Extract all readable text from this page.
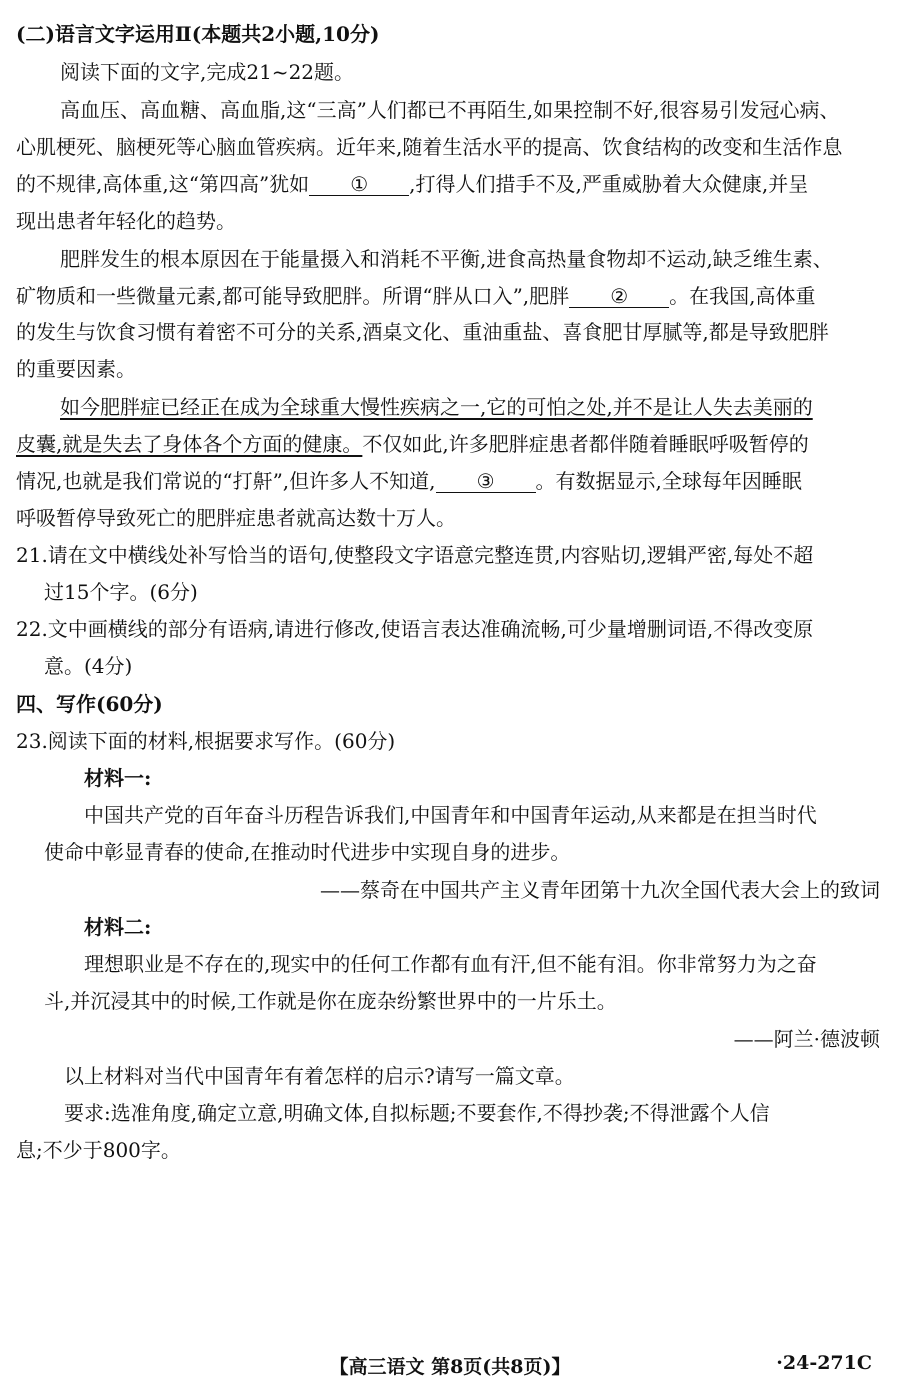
(二)语言文字运用Ⅱ(本题共2小题,10分)
阅读下面的文字,完成21~22题。
高血压、高血糖、高血脂,这“三高”人们都已不再陌生,如果控制不好,很容易引发冠心病、
心肌梗死、脑梗死等心脑血管疾病。近年来,随着生活水平的提高、饮食结构的改变和生活作息
的不规律,高体重,这“第四高”犹如 ① ,打得人们措手不及,严重威胁着大众健康,并呈
现出患者年轻化的趋势。
肥胖发生的根本原因在于能量摄入和消耗不平衡,进食高热量食物却不运动,缺乏维生素、
矿物质和一些微量元素,都可能导致肥胖。所谓“胖从口入”,肥胖 ② 。在我国,高体重
的发生与饮食习惯有着密不可分的关系,酒桌文化、重油重盐、喜食肥甘厚腻等,都是导致肥胖
的重要因素。
如今肥胖症已经正在成为全球重大慢性疾病之一,它的可怕之处,并不是让人失去美丽的
皮囊,就是失去了身体各个方面的健康。不仅如此,许多肥胖症患者都伴随着睡眠呼吸暂停的
情况,也就是我们常说的“打鼾”,但许多人不知道, ③ 。有数据显示,全球每年因睡眠
呼吸暂停导致死亡的肥胖症患者就高达数十万人。
21.请在文中横线处补写恰当的语句,使整段文字语意完整连贯,内容贴切,逻辑严密,每处不超
过15个字。(6分)
22.文中画横线的部分有语病,请进行修改,使语言表达准确流畅,可少量增删词语,不得改变原
意。(4分)
四、写作(60分)
23.阅读下面的材料,根据要求写作。(60分)
材料一:
中国共产党的百年奋斗历程告诉我们,中国青年和中国青年运动,从来都是在担当时代
使命中彰显青春的使命,在推动时代进步中实现自身的进步。
——蔡奇在中国共产主义青年团第十九次全国代表大会上的致词
材料二:
理想职业是不存在的,现实中的任何工作都有血有汗,但不能有泪。你非常努力为之奋
斗,并沉浸其中的时候,工作就是你在庞杂纷繁世界中的一片乐土。
——阿兰·德波顿
以上材料对当代中国青年有着怎样的启示?请写一篇文章。
要求:选准角度,确定立意,明确文体,自拟标题;不要套作,不得抄袭;不得泄露个人信
息;不少于800字。
【高三语文 第8页(共8页)】	·24-271C
